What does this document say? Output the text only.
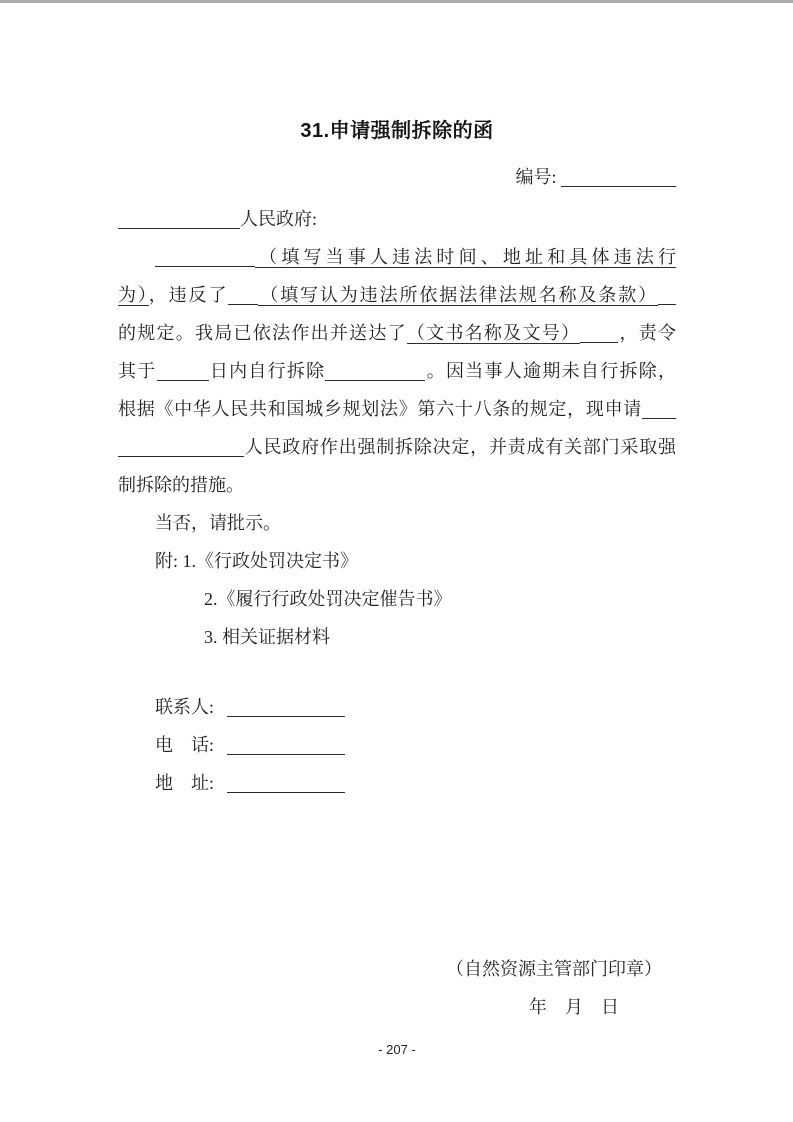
31.申请强制拆除的函
编号:
人民政府:
（填写当事人违法时间、地址和具体违法行
为），违反了 （填写认为违法所依据法律法规名称及条款）
的规定。我局已依法作出并送达了（文书名称及文号） ，责令
其于	日内自行拆除	。因当事人逾期未自行拆除，
根据《中华人民共和国城乡规划法》第六十八条的规定，现申请
人民政府作出强制拆除决定，并责成有关部门采取强
制拆除的措施。
当否，请批示。
附: 1.《行政处罚决定书》
2.《履行行政处罚决定催告书》
3. 相关证据材料
联系人:
电　话:
地　址:
（自然资源主管部门印章）
年　月　日
- 207 -
